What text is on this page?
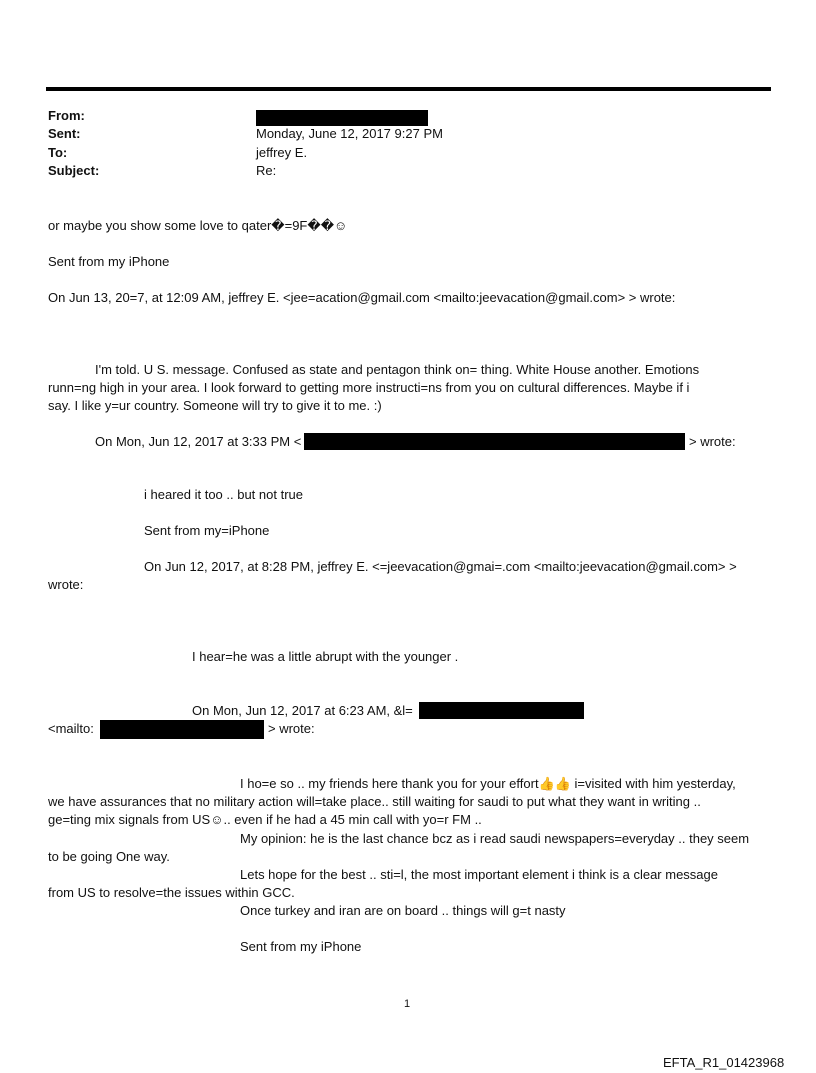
From:
Sent:	Monday, June 12, 2017 9:27 PM
To:	jeffrey E.
Subject:	Re:
or maybe you show some love to qater�=9F��☺
Sent from my iPhone
On Jun 13, 20=7, at 12:09 AM, jeffrey E. <jee=acation@gmail.com <mailto:jeevacation@gmail.com> > wrote:
I'm told. U S. message. Confused as state and pentagon think on= thing. White House another. Emotions
runn=ng high in your area. I look forward to getting more instructi=ns from you on cultural differences. Maybe if i
say. I like y=ur country. Someone will try to give it to me. :)
On Mon, Jun 12, 2017 at 3:33 PM <	> wrote:
i heared it too .. but not true
Sent from my=iPhone
On Jun 12, 2017, at 8:28 PM, jeffrey E. <=jeevacation@gmai=.com <mailto:jeevacation@gmail.com> >
wrote:
I hear=he was a little abrupt with the younger .
On Mon, Jun 12, 2017 at 6:23 AM, &l=
<mailto:	> wrote:
I ho=e so .. my friends here thank you for your effort👍👍 i=visited with him yesterday,
we have assurances that no military action will=take place.. still waiting for saudi to put what they want in writing ..
ge=ting mix signals from US☺.. even if he had a 45 min call with yo=r FM ..
My opinion: he is the last chance bcz as i read saudi newspapers=everyday .. they seem
to be going One way.
Lets hope for the best .. sti=l, the most important element i think is a clear message
from US to resolve=the issues within GCC.
Once turkey and iran are on board .. things will g=t nasty
Sent from my iPhone
1
EFTA_R1_01423968
